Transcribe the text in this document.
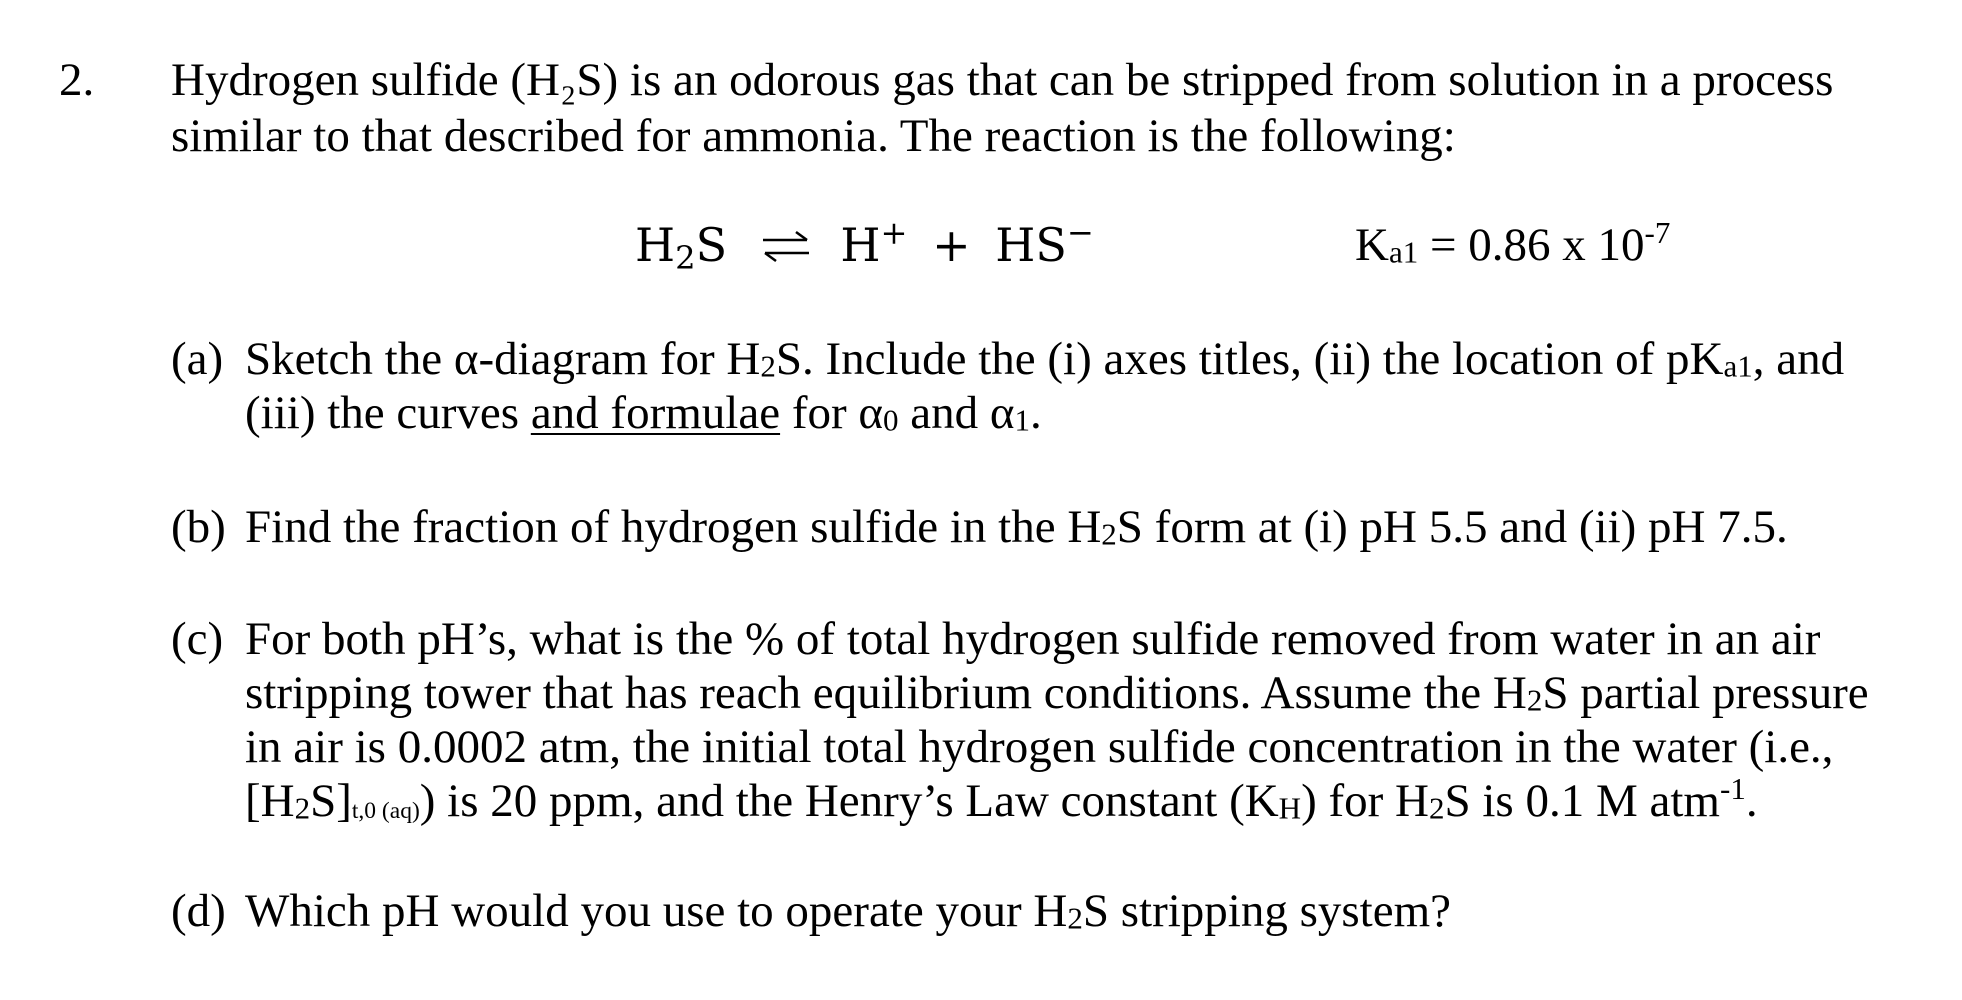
2. Hydrogen sulfide (H₂S) is an odorous gas that can be stripped from solution in a process
similar to that described for ammonia. The reaction is the following:
H2S ⇌ H+ + HS−	$K_{a1} = 0.86$ x $10^{-7}$
(a) Sketch the α-diagram for $H_2S$. Include the (i) axes titles, (ii) the location of $pK_{a1}$, and
(iii) the curves and formulae for $\alpha_0$ and $\alpha_1$.
(b) Find the fraction of hydrogen sulfide in the $H_2S$ form at (i) pH 5.5 and (ii) pH 7.5.
(c) For both pH’s, what is the % of total hydrogen sulfide removed from water in an air
stripping tower that has reach equilibrium conditions. Assume the $H_2S$ partial pressure
in air is 0.0002 atm, the initial total hydrogen sulfide concentration in the water (i.e.,
$[H_2S]_{t,0 (aq)}$) is 20 ppm, and the Henry’s Law constant $(K_H)$ for $H_2S$ is 0.1 M atm$^{-1}$.
(d) Which pH would you use to operate your $H_2S$ stripping system?
